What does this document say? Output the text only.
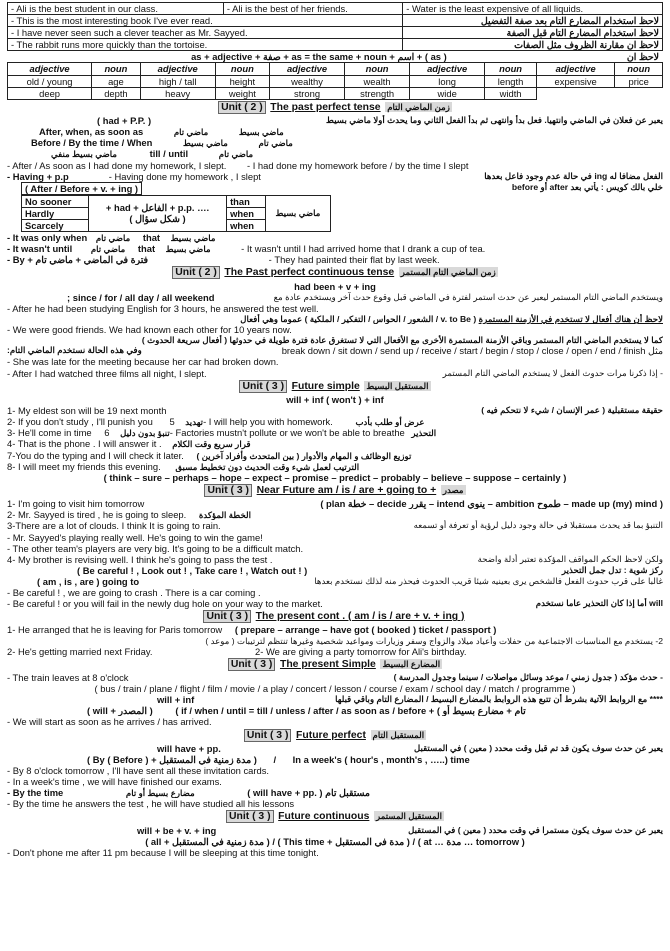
- Ali is the best student in our class.	- Ali is the best of her friends.	- Water is the least expensive of all liquids.
- This is the most interesting book I've ever read.		لاحظ استخدام المضارع التام بعد صفة التفضيل
- I have never seen such a clever teacher as Mr. Sayyed.		لاحظ استخدام المضارع التام قبل الصفة
- The rabbit runs more quickly than the tortoise.		لاحظ ان مقارنة الظروف مثل الصفات
as + adjective + صفة + as = the same + noun + اسم + ( as )	لاحظ ان
adjective	noun	adjective	noun	adjective	noun	adjective	noun	adjective	noun
old / young	age	high / tall	height	wealthy	wealth	long	length	expensive	price
deep	depth	heavy	weight	strong	strength	wide	width		
Unit ( 2 ) The past perfect tense زمن الماضي التام
( had + P.P. )	يعبر عن فعلان في الماضي وانتهيا. فعل بدأ وانتهى ثم بدأ الفعل الثاني وما يحدث أولا ماضي بسيط
After, when, as soon as	ماضي بسيط ماضي تام
Before / By the time / When	ماضي تام ماضي بسيط
ماضي بسيط منفي	till / until	ماضي تام
- After / As soon as I had done my homework, I slept. - I had done my homework before / by the time I slept
- Having + p.p	- Having done my homework , I slept	الفعل مضافا له ing في حالة عدم وجود فاعل بعدها
( After / Before + v. + ing )	خلي بالك كويس : يأتي بعد after أو before
No sooner	+ had + الفاعل + p.p. ….
( شكل سؤال )	than	ماضي بسيط
Hardly		when	
Scarcely		when	
- It was only when ماضي تام that ماضي بسيط
- It wasn't until ماضي تام that ماضي بسيط	- It wasn't until I had arrived home that I drank a cup of tea.
- By + فترة في الماضي + ماضي تام	- They had painted their flat by last week.
Unit ( 2 ) The Past perfect continuous tense زمن الماضي التام المستمر
had been + v + ing
; since / for / all day / all weekend	ويستخدم الماضي التام المستمر ليعبر عن حدث استمر لفترة في الماضي قبل وقوع حدث آخر ويستخدم عادة مع
- After he had been studying English for 3 hours, he answered the test well.
لاحظ أن هناك أفعال لا تستخدم في الأزمنة المستمرة ( v. to Be / الشعور / الحواس / التفكير / الملكية ) عموما وهي أفعال
- We were good friends. We had known each other for 10 years now.
كما لا يستخدم الماضي التام المستمر وباقي الأزمنة المستمرة الأخرى مع الأفعال التي لا تستغرق عادة فترة طويلة في حدوثها ( أفعال سريعة الحدوث )
وفي هذه الحالة نستخدم الماضي التام:	break down / sit down / send up / receive / start / begin / stop / close / open / end / finish مثل
- She was late for the meeting because her car had broken down.
- After I had watched three films all night, I slept.	- إذا ذكرنا مرات حدوث الفعل لا يستخدم الماضي التام المستمر
Unit ( 3 ) Future simple المستقبل البسيط
will + inf ( won't ) + inf
1- My eldest son will be 19 next month	حقيقة مستقبلية ( عمر الإنسان / شيء لا نتحكم فيه )
2- If you don't study , I'll punish you	تهديد 5- I will help you with homework.	عرض أو طلب بأدب
3- He'll come in time	تنبؤ بدون دليل 6- Factories mustn't pollute or we won't be able to breathe التحذير
4- That is the phone . I will answer it . قرار سريع وقت الكلام
7-You do the typing and I will check it later. توزيع الوظائف و المهام والأدوار ( بين المتحدث وأفراد آخرين )
8- I will meet my friends this evening. الترتيب لعمل شيء وقت الحديث دون تخطيط مسبق
( think – sure – perhaps – hope – expect – promise – predict – probably – believe – suppose – certainly )
Unit ( 3 ) Near Future am / is / are + going to + مصدر
1- I'm going to visit him tomorrow	( plan خطة – decide يقرر – intend ينوي – ambition طموح – made up (my) mind )
2- Mr. Sayyed is tired , he is going to sleep. الخطة المؤكدة
3-There are a lot of clouds. I think It is going to rain.	التنبؤ بما قد يحدث مستقبلا في حالة وجود دليل لرؤية أو تعرفة أو تسمعه
- Mr. Sayyed's playing really well. He's going to win the game!
- The other team's players are very big. It's going to be a difficult match.
4- My brother is revising well. I think he's going to pass the test .	ولكن لاحظ الحكم المواقف المؤكدة تعتبر أدلة واضحة
( Be careful ! , Look out ! , Take care ! , Watch out ! )	ركز شوية : تدل جمل التحذير
( am , is , are ) going to	غالبا على قرب حدوث الفعل فالشخص يرى بعينيه شيئا قريب الحدوث فيحذر منه لذلك نستخدم بعدها
- Be careful ! , we are going to crash . There is a car coming .
- Be careful ! or you will fail in the newly dug hole on your way to the market.	will أما إذا كان التحذير عاما نستخدم
Unit ( 3 ) The present cont . ( am / is / are + v. + ing )
1- He arranged that he is leaving for Paris tomorrow ( prepare – arrange – have got ( booked ) ticket / passport )
2- يستخدم مع المناسبات الاجتماعية من حفلات وأعياد ميلاد والزواج وسفر وزيارات ومواعيد شخصية وغيرها تنتظم لترتيبات ( موعد )
2- He's getting married next Friday.	2- We are giving a party tomorrow for Ali's birthday.
Unit ( 3 ) The present Simple المضارع البسيط
- The train leaves at 8 o'clock	- حدث مؤكد ( جدول زمني / موعد وسائل مواصلات / سينما وجدول المدرسة )
( bus / train / plane / flight / film / movie / a play / concert / lesson / course / exam / school day / match / programme )
will + inf	**** مع الروابط الآتية بشرط أن تتبع هذه الروابط بالمضارع البسيط / المضارع التام وباقي قبلها
( will + المصدر ) ( if / when / until = till / unless / after / as soon as / before + ( تام + مضارع بسيط أو
- We will start as soon as he arrives / has arrived.
Unit ( 3 ) Future perfect المستقبل التام
will have + pp.	يعبر عن حدث سوف يكون قد تم قبل وقت محدد ( معين ) في المستقبل
( By ( Before ) + مدة زمنية في المستقبل ) / In a week's ( hour's , month's , …..) time
- By 8 o'clock tomorrow , I'll have sent all these invitation cards.
- In a week's time , we will have finished our exams.
- By the time	مضارع بسيط أو تام	( will have + pp. ) مستقبل تام
- By the time he answers the test , he will have studied all his lessons
Unit ( 3 ) Future continuous المستقبل المستمر
will + be + v. + ing	يعبر عن حدث سوف يكون مستمرا في وقت محدد ( معين ) في المستقبل
( all + مدة زمنية في المستقبل ) / ( This time + مدة في المستقبل ) / ( at … مدة … tomorrow )
- Don't phone me after 11 pm because I will be sleeping at this time tonight.
